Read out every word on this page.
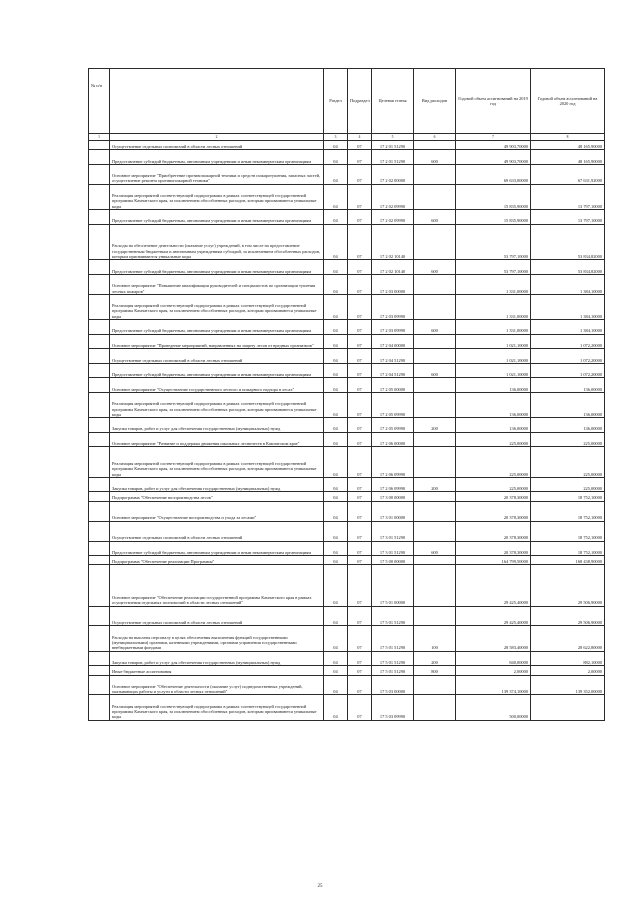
№ п/п		Раздел	Подраздел	Целевая статья	Вид расходов	Годовой объем ассигнований на 2019 год	Годовой объем ассигнований на 2020 год
1	2	3	4	5	6	7	8
	Осуществление отдельных полномочий в области лесных отношений	04	07	17 2 01 51290		49 903,70000	48 165,90000
	Предоставление субсидий бюджетным, автономным учреждениям и иным некоммерческим организациям	04	07	17 2 01 51290	600	49 903,70000	48 165,90000
	Основное мероприятие "Приобретение противопожарной техники и средств пожаротушения, запасных частей, осуществление ремонта противопожарной техники"	04	07	17 2 02 00000		69 633,00000	67 631,92000
	Реализация мероприятий соответствующей подпрограммы в рамках соответствующей государственной программы Камчатского края, за исключением обособленных расходов, которым присваиваются уникальные коды	04	07	17 2 02 09990		15 835,90000	13 797,10000
	Предоставление субсидий бюджетным, автономным учреждениям и иным некоммерческим организациям	04	07	17 2 02 09990	600	15 835,90000	13 797,10000
	Расходы на обеспечение деятельности (оказание услуг) учреждений, в том числе на предоставление государственным бюджетным и автономным учреждениям субсидий, за исключением обособленных расходов, которым присваиваются уникальные коды	04	07	17 2 02 10140		53 797,10000	53 834,82000
	Предоставление субсидий бюджетным, автономным учреждениям и иным некоммерческим организациям	04	07	17 2 02 10140	600	53 797,10000	53 834,82000
	Основное мероприятие "Повышение квалификации руководителей и специалистов по организации тушения лесных пожаров"	04	07	17 2 03 00000		1 331,00000	1 384,10000
	Реализация мероприятий соответствующей подпрограммы в рамках соответствующей государственной программы Камчатского края, за исключением обособленных расходов, которым присваиваются уникальные коды	04	07	17 2 03 09990		1 331,00000	1 384,10000
	Предоставление субсидий бюджетным, автономным учреждениям и иным некоммерческим организациям	04	07	17 2 03 09990	600	1 331,00000	1 384,10000
	Основное мероприятие "Проведение мероприятий, направленных на защиту лесов от вредных организмов"	04	07	17 2 04 00000		1 021,10000	1 072,20000
	Осуществление отдельных полномочий в области лесных отношений	04	07	17 2 04 51290		1 021,10000	1 072,20000
	Предоставление субсидий бюджетным, автономным учреждениям и иным некоммерческим организациям	04	07	17 2 04 51290	600	1 021,10000	1 072,20000
	Основное мероприятие "Осуществление государственного лесного и пожарного надзора в лесах"	04	07	17 2 05 00000		136,00000	136,00000
	Реализация мероприятий соответствующей подпрограммы в рамках соответствующей государственной программы Камчатского края, за исключением обособленных расходов, которым присваиваются уникальные коды	04	07	17 2 05 09990		136,00000	136,00000
	Закупка товаров, работ и услуг для обеспечения государственных (муниципальных) нужд	04	07	17 2 05 09990	200	136,00000	136,00000
	Основное мероприятие "Развитие и поддержка движения школьных лесничеств в Камчатском крае"	04	07	17 2 06 00000		225,00000	225,00000
	Реализация мероприятий соответствующей подпрограммы в рамках соответствующей государственной программы Камчатского края, за исключением обособленных расходов, которым присваиваются уникальные коды	04	07	17 2 06 09990		225,00000	225,00000
	Закупка товаров, работ и услуг для обеспечения государственных (муниципальных) нужд	04	07	17 2 06 09990	200	225,00000	225,00000
	Подпрограмма "Обеспечение воспроизводства лесов"	04	07	17 3 00 00000		20 378,30000	18 752,10000
	Основное мероприятие "Осуществление воспроизводства и ухода за лесами"	04	07	17 3 01 00000		20 378,30000	18 752,10000
	Осуществление отдельных полномочий в области лесных отношений	04	07	17 3 01 51290		20 378,30000	18 752,10000
	Предоставление субсидий бюджетным, автономным учреждениям и иным некоммерческим организациям	04	07	17 3 01 51290	600	20 378,30000	18 752,10000
	Подпрограмма "Обеспечение реализации Программы"	04	07	17 5 00 00000		164 799,50000	168 438,90000
	Основное мероприятие "Обеспечение реализации государственной программы Камчатского края в рамках осуществления отдельных полномочий в области лесных отношений"	04	07	17 5 01 00000		29 425,40000	29 506,90000
	Осуществление отдельных полномочий в области лесных отношений	04	07	17 5 01 51290		29 425,40000	29 506,90000
	Расходы на выплаты персоналу в целях обеспечения выполнения функций государственными (муниципальными) органами, казенными учреждениями, органами управления государственными внебюджетными фондами	04	07	17 5 01 51290	100	28 583,40000	28 622,80000
	Закупка товаров, работ и услуг для обеспечения государственных (муниципальных) нужд	04	07	17 5 01 51290	200	840,00000	882,10000
	Иные бюджетные ассигнования	04	07	17 5 01 51290	800	2,00000	2,00000
	Основное мероприятие "Обеспечение деятельности (оказание услуг) подведомственных учреждений, оказывающих работы и услуги в области лесных отношений"	04	07	17 5 03 00000		139 374,10000	139 352,00000
	Реализация мероприятий соответствующей подпрограммы в рамках соответствующей государственной программы Камчатского края, за исключением обособленных расходов, которым присваиваются уникальные коды	04	07	17 5 03 09990		500,00000	
25
